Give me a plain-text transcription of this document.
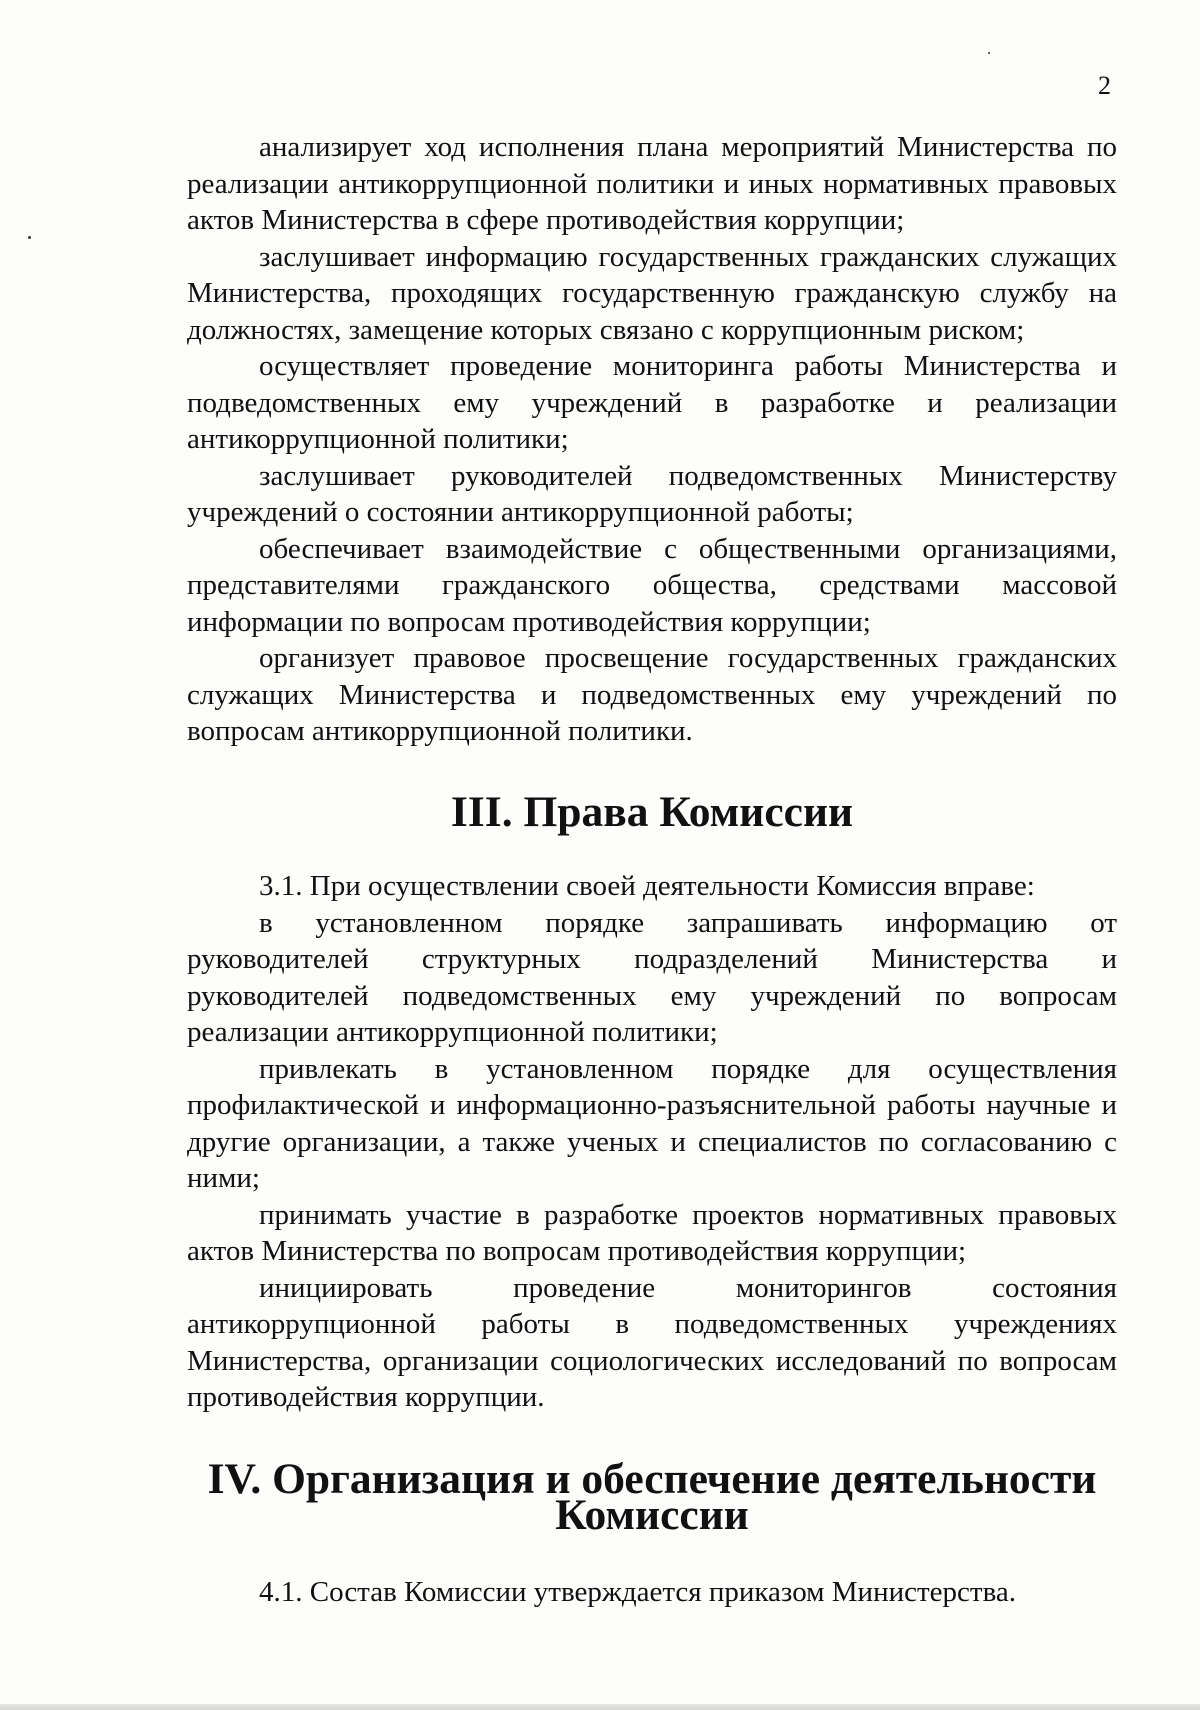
2

анализирует ход исполнения плана мероприятий Министерства по реализации антикоррупционной политики и иных нормативных правовых актов Министерства в сфере противодействия коррупции;

заслушивает информацию государственных гражданских служащих Министерства, проходящих государственную гражданскую службу на должностях, замещение которых связано с коррупционным риском;

осуществляет проведение мониторинга работы Министерства и подведомственных ему учреждений в разработке и реализации антикоррупционной политики;

заслушивает руководителей подведомственных Министерству учреждений о состоянии антикоррупционной работы;

обеспечивает взаимодействие с общественными организациями, представителями гражданского общества, средствами массовой информации по вопросам противодействия коррупции;

организует правовое просвещение государственных гражданских служащих Министерства и подведомственных ему учреждений по вопросам антикоррупционной политики.

III. Права Комиссии

3.1. При осуществлении своей деятельности Комиссия вправе:

в установленном порядке запрашивать информацию от руководителей структурных подразделений Министерства и руководителей подведомственных ему учреждений по вопросам реализации антикоррупционной политики;

привлекать в установленном порядке для осуществления профилактической и информационно-разъяснительной работы научные и другие организации, а также ученых и специалистов по согласованию с ними;

принимать участие в разработке проектов нормативных правовых актов Министерства по вопросам противодействия коррупции;

инициировать проведение мониторингов состояния антикоррупционной работы в подведомственных учреждениях Министерства, организации социологических исследований по вопросам противодействия коррупции.

IV. Организация и обеспечение деятельности Комиссии

4.1. Состав Комиссии утверждается приказом Министерства.
